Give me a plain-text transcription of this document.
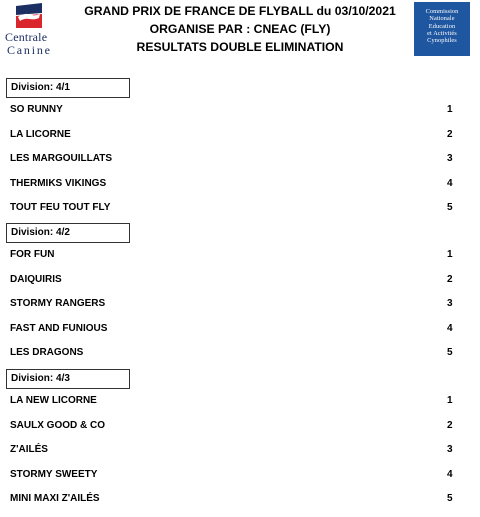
Centrale
Canine
GRAND PRIX DE FRANCE DE FLYBALL du 03/10/2021
ORGANISE PAR : CNEAC (FLY)
RESULTATS DOUBLE ELIMINATION
Commission
Nationale
Education
et Activités
Cynophiles
Division: 4/1
SO RUNNY	1
LA LICORNE	2
LES MARGOUILLATS	3
THERMIKS VIKINGS	4
TOUT FEU TOUT FLY	5
Division: 4/2
FOR FUN	1
DAIQUIRIS	2
STORMY RANGERS	3
FAST AND FUNIOUS	4
LES DRAGONS	5
Division: 4/3
LA NEW LICORNE	1
SAULX GOOD & CO	2
Z'AILÉS	3
STORMY SWEETY	4
MINI MAXI Z'AILÉS	5
